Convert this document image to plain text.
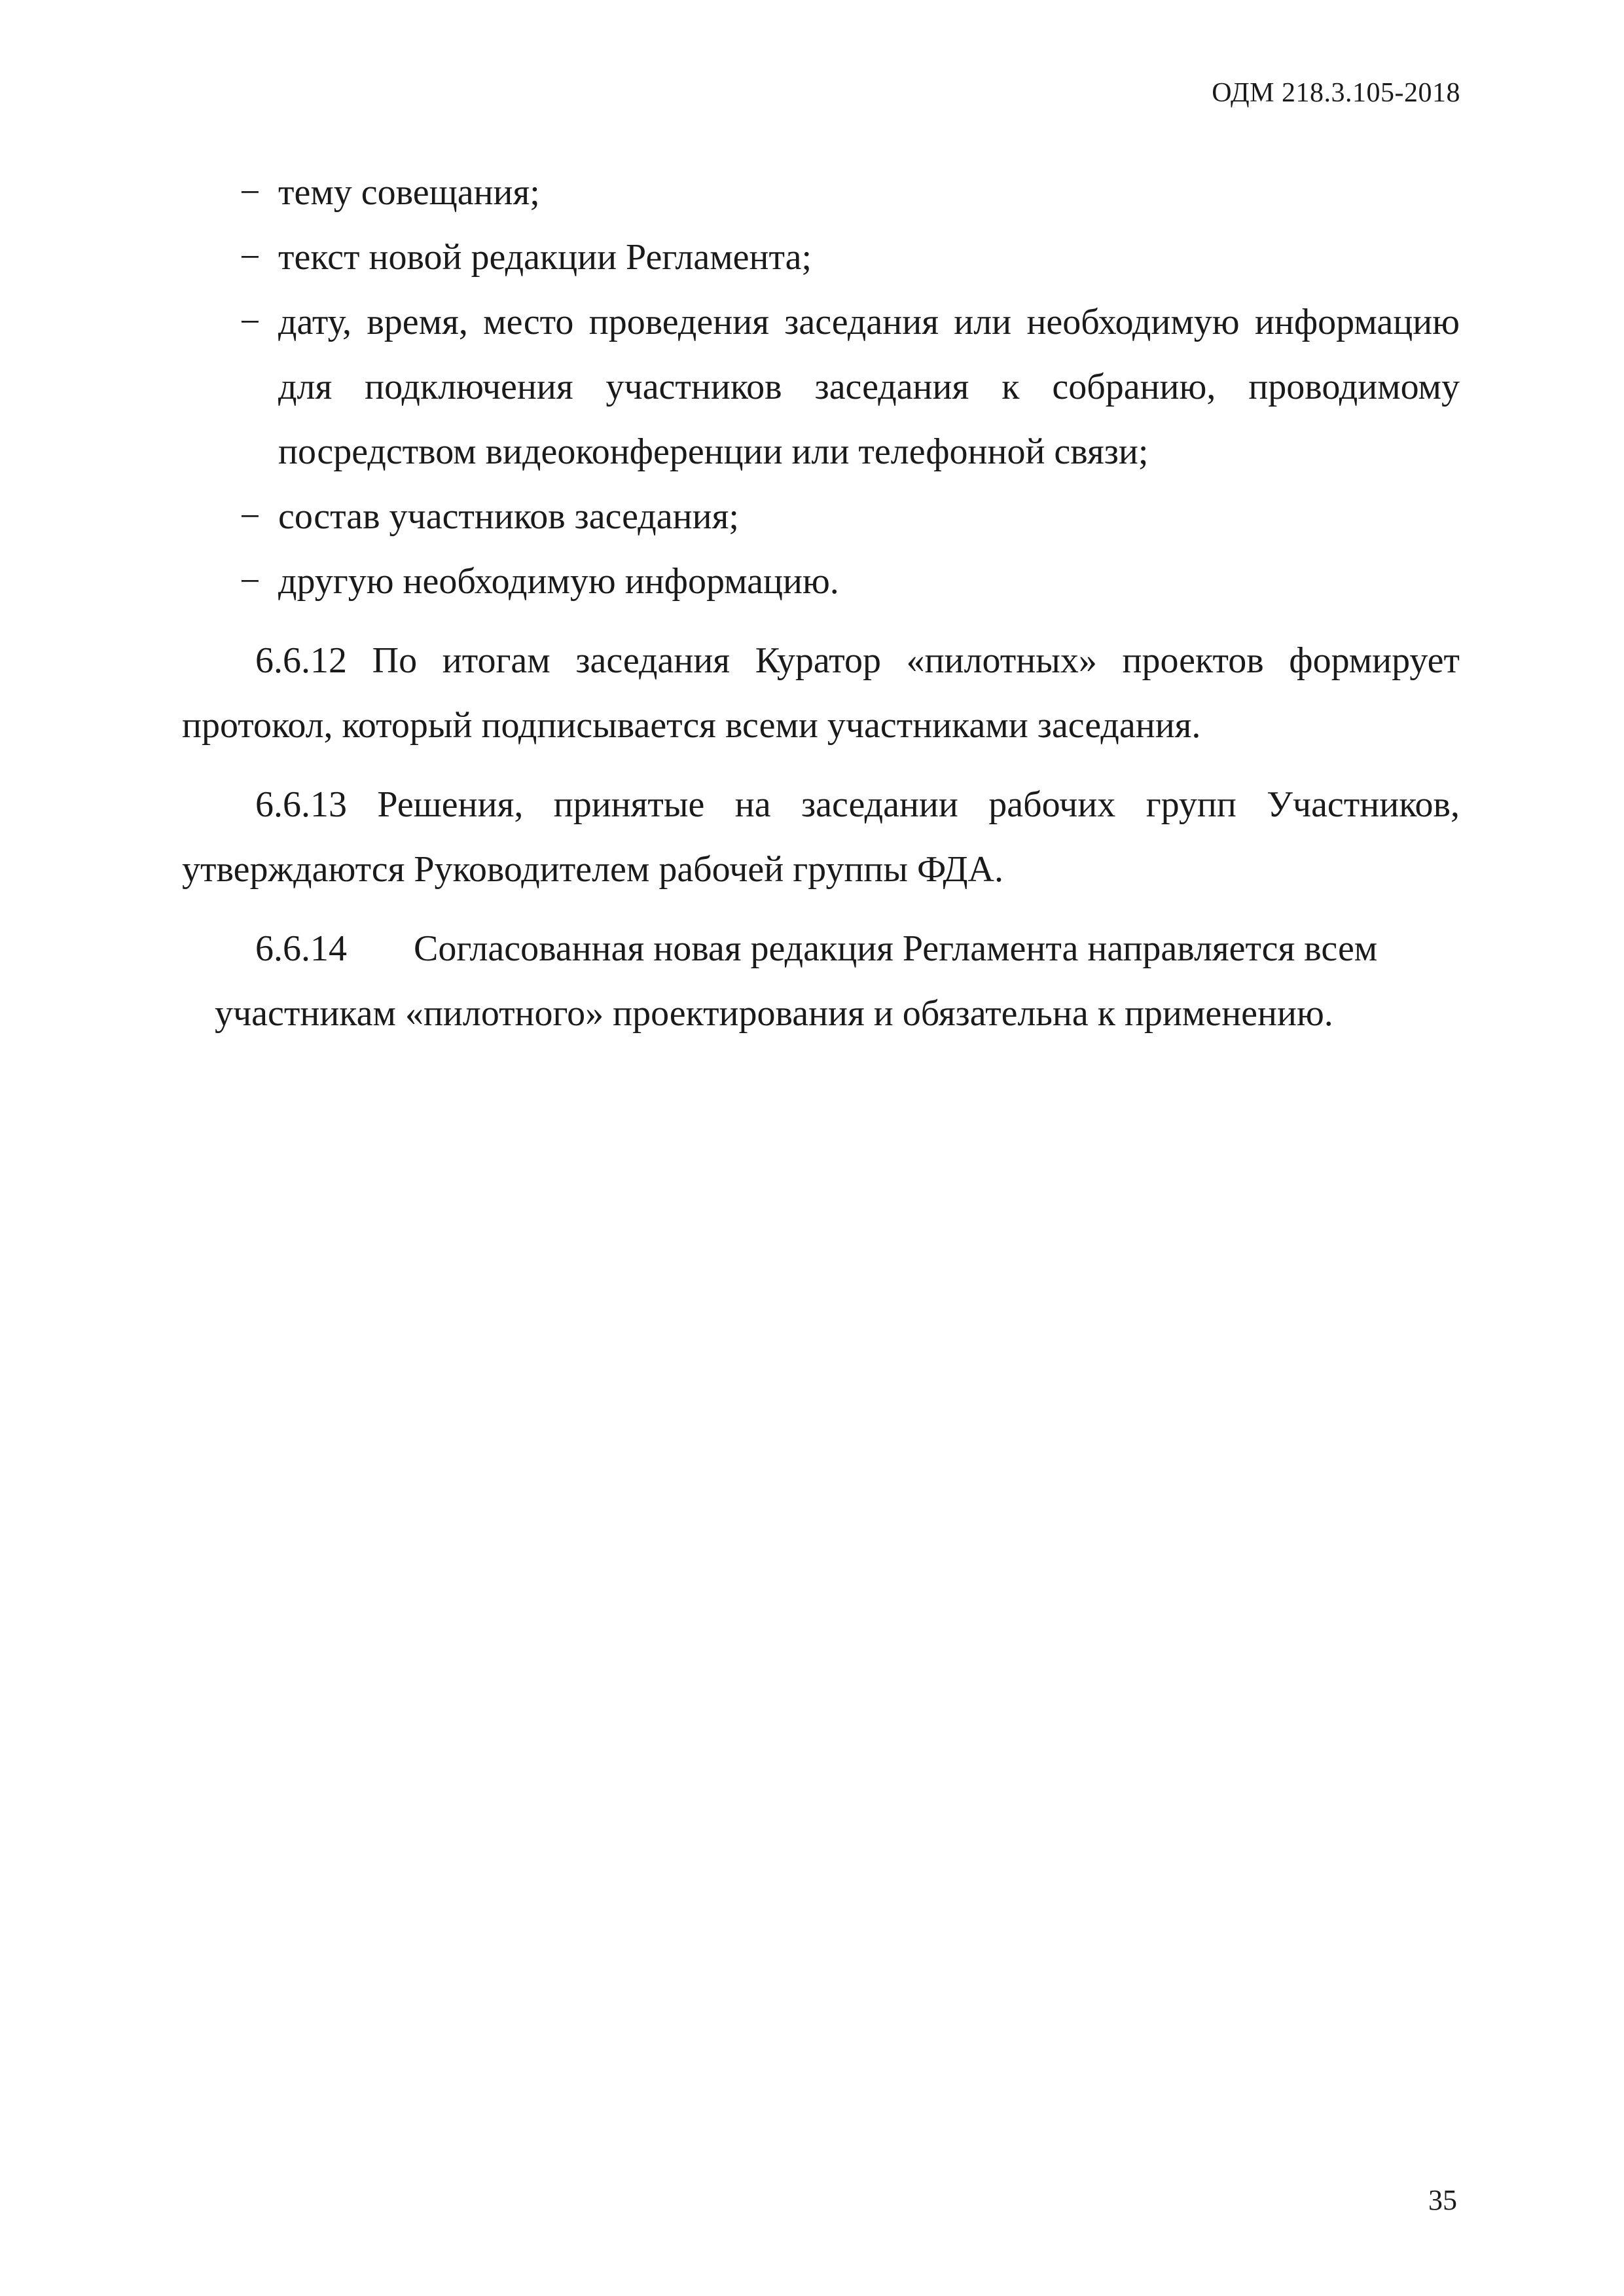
ОДМ 218.3.105-2018
− тему совещания;
− текст новой редакции Регламента;
− дату, время, место проведения заседания или необходимую информацию для подключения участников заседания к собранию, проводимому посредством видеоконференции или телефонной связи;
− состав участников заседания;
− другую необходимую информацию.

6.6.12 По итогам заседания Куратор «пилотных» проектов формирует протокол, который подписывается всеми участниками заседания.

6.6.13 Решения, принятые на заседании рабочих групп Участников, утверждаются Руководителем рабочей группы ФДА.

6.6.14 Согласованная новая редакция Регламента направляется всем
участникам «пилотного» проектирования и обязательна к применению.
35
